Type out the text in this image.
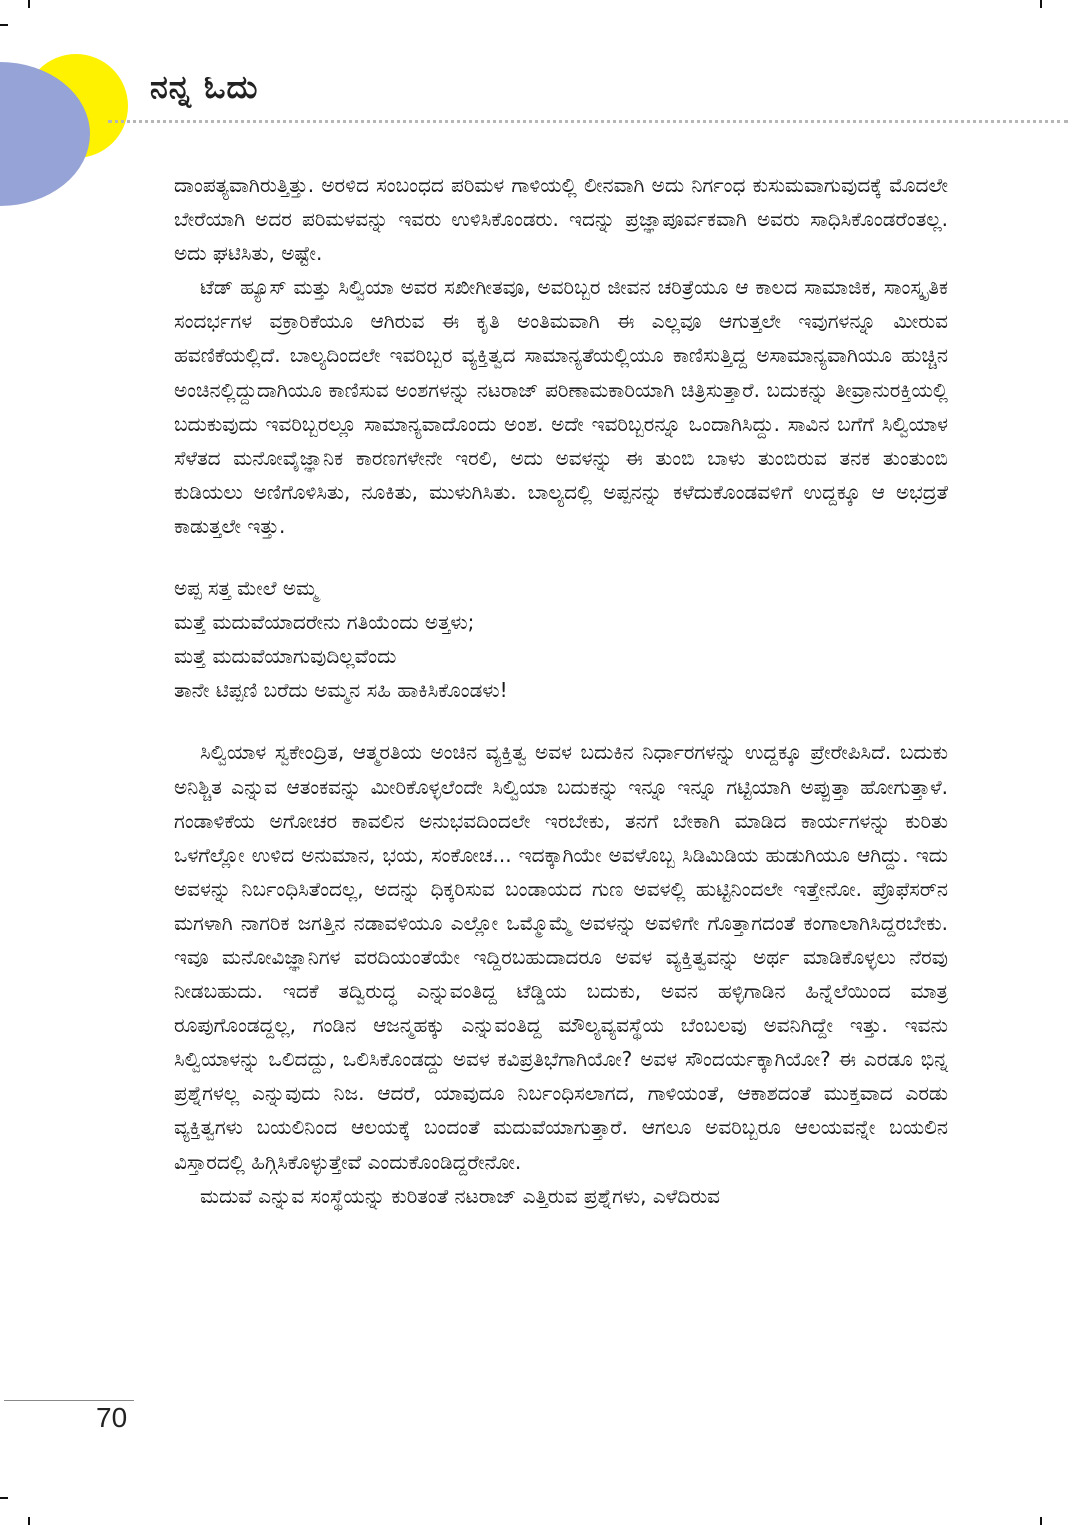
ನನ್ನ ಓದು

ದಾಂಪತ್ಯವಾಗಿರುತ್ತಿತ್ತು. ಅರಳಿದ ಸಂಬಂಧದ ಪರಿಮಳ ಗಾಳಿಯಲ್ಲಿ ಲೀನವಾಗಿ ಅದು ನಿರ್ಗಂಧ ಕುಸುಮವಾಗುವುದಕ್ಕೆ ಮೊದಲೇ ಬೇರೆಯಾಗಿ ಅದರ ಪರಿಮಳವನ್ನು ಇವರು ಉಳಿಸಿಕೊಂಡರು. ಇದನ್ನು ಪ್ರಜ್ಞಾಪೂರ್ವಕವಾಗಿ ಅವರು ಸಾಧಿಸಿಕೊಂಡರೆಂತಲ್ಲ. ಅದು ಘಟಿಸಿತು, ಅಷ್ಟೇ.

ಟೆಡ್ ಹ್ಯೂಸ್ ಮತ್ತು ಸಿಲ್ವಿಯಾ ಅವರ ಸಖೀಗೀತವೂ, ಅವರಿಬ್ಬರ ಜೀವನ ಚರಿತ್ರೆಯೂ ಆ ಕಾಲದ ಸಾಮಾಜಿಕ, ಸಾಂಸ್ಕೃತಿಕ ಸಂದರ್ಭಗಳ ವಕ್ರಾರಿಕೆಯೂ ಆಗಿರುವ ಈ ಕೃತಿ ಅಂತಿಮವಾಗಿ ಈ ಎಲ್ಲವೂ ಆಗುತ್ತಲೇ ಇವುಗಳನ್ನೂ ಮೀರುವ ಹವಣಿಕೆಯಲ್ಲಿದೆ. ಬಾಲ್ಯದಿಂದಲೇ ಇವರಿಬ್ಬರ ವ್ಯಕ್ತಿತ್ವದ ಸಾಮಾನ್ಯತೆಯಲ್ಲಿಯೂ ಕಾಣಿಸುತ್ತಿದ್ದ ಅಸಾಮಾನ್ಯವಾಗಿಯೂ ಹುಚ್ಚಿನ ಅಂಚಿನಲ್ಲಿದ್ದುದಾಗಿಯೂ ಕಾಣಿಸುವ ಅಂಶಗಳನ್ನು ನಟರಾಜ್ ಪರಿಣಾಮಕಾರಿಯಾಗಿ ಚಿತ್ರಿಸುತ್ತಾರೆ. ಬದುಕನ್ನು ತೀವ್ರಾನುರಕ್ತಿಯಲ್ಲಿ ಬದುಕುವುದು ಇವರಿಬ್ಬರಲ್ಲೂ ಸಾಮಾನ್ಯವಾದೊಂದು ಅಂಶ. ಅದೇ ಇವರಿಬ್ಬರನ್ನೂ ಒಂದಾಗಿಸಿದ್ದು. ಸಾವಿನ ಬಗೆಗೆ ಸಿಲ್ವಿಯಾಳ ಸೆಳೆತದ ಮನೋವೈಜ್ಞಾನಿಕ ಕಾರಣಗಳೇನೇ ಇರಲಿ, ಅದು ಅವಳನ್ನು ಈ ತುಂಬಿ ಬಾಳು ತುಂಬಿರುವ ತನಕ ತುಂತುಂಬಿ ಕುಡಿಯಲು ಅಣಿಗೊಳಿಸಿತು, ನೂಕಿತು, ಮುಳುಗಿಸಿತು. ಬಾಲ್ಯದಲ್ಲಿ ಅಪ್ಪನನ್ನು ಕಳೆದುಕೊಂಡವಳಿಗೆ ಉದ್ದಕ್ಕೂ ಆ ಅಭದ್ರತೆ ಕಾಡುತ್ತಲೇ ಇತ್ತು.

ಅಪ್ಪ ಸತ್ತ ಮೇಲೆ ಅಮ್ಮ
ಮತ್ತೆ ಮದುವೆಯಾದರೇನು ಗತಿಯೆಂದು ಅತ್ತಳು;
ಮತ್ತೆ ಮದುವೆಯಾಗುವುದಿಲ್ಲವೆಂದು
ತಾನೇ ಟಿಪ್ಪಣಿ ಬರೆದು ಅಮ್ಮನ ಸಹಿ ಹಾಕಿಸಿಕೊಂಡಳು!

ಸಿಲ್ವಿಯಾಳ ಸ್ವಕೇಂದ್ರಿತ, ಆತ್ಮರತಿಯ ಅಂಚಿನ ವ್ಯಕ್ತಿತ್ವ ಅವಳ ಬದುಕಿನ ನಿರ್ಧಾರಗಳನ್ನು ಉದ್ದಕ್ಕೂ ಪ್ರೇರೇಪಿಸಿದೆ. ಬದುಕು ಅನಿಶ್ಚಿತ ಎನ್ನುವ ಆತಂಕವನ್ನು ಮೀರಿಕೊಳ್ಳಲೆಂದೇ ಸಿಲ್ವಿಯಾ ಬದುಕನ್ನು ಇನ್ನೂ ಇನ್ನೂ ಗಟ್ಟಿಯಾಗಿ ಅಪ್ಪುತ್ತಾ ಹೋಗುತ್ತಾಳೆ. ಗಂಡಾಳಿಕೆಯ ಅಗೋಚರ ಕಾವಲಿನ ಅನುಭವದಿಂದಲೇ ಇರಬೇಕು, ತನಗೆ ಬೇಕಾಗಿ ಮಾಡಿದ ಕಾರ್ಯಗಳನ್ನು ಕುರಿತು ಒಳಗೆಲ್ಲೋ ಉಳಿದ ಅನುಮಾನ, ಭಯ, ಸಂಕೋಚ... ಇದಕ್ಕಾಗಿಯೇ ಅವಳೊಬ್ಬ ಸಿಡಿಮಿಡಿಯ ಹುಡುಗಿಯೂ ಆಗಿದ್ದು. ಇದು ಅವಳನ್ನು ನಿರ್ಬಂಧಿಸಿತೆಂದಲ್ಲ, ಅದನ್ನು ಧಿಕ್ಕರಿಸುವ ಬಂಡಾಯದ ಗುಣ ಅವಳಲ್ಲಿ ಹುಟ್ಟಿನಿಂದಲೇ ಇತ್ತೇನೋ. ಪ್ರೊಫೆಸರ್‌ನ ಮಗಳಾಗಿ ನಾಗರಿಕ ಜಗತ್ತಿನ ನಡಾವಳಿಯೂ ಎಲ್ಲೋ ಒಮ್ಮೊಮ್ಮೆ ಅವಳನ್ನು ಅವಳಿಗೇ ಗೊತ್ತಾಗದಂತೆ ಕಂಗಾಲಾಗಿಸಿದ್ದರಬೇಕು. ಇವೂ ಮನೋವಿಜ್ಞಾನಿಗಳ ವರದಿಯಂತೆಯೇ ಇದ್ದಿರಬಹುದಾದರೂ ಅವಳ ವ್ಯಕ್ತಿತ್ವವನ್ನು ಅರ್ಥ ಮಾಡಿಕೊಳ್ಳಲು ನೆರವು ನೀಡಬಹುದು. ಇದಕೆ ತದ್ವಿರುದ್ಧ ಎನ್ನುವಂತಿದ್ದ ಟೆಡ್ಡಿಯ ಬದುಕು, ಅವನ ಹಳ್ಳಿಗಾಡಿನ ಹಿನ್ನೆಲೆಯಿಂದ ಮಾತ್ರ ರೂಪುಗೊಂಡದ್ದಲ್ಲ, ಗಂಡಿನ ಆಜನ್ಮಹಕ್ಕು ಎನ್ನುವಂತಿದ್ದ ಮೌಲ್ಯವ್ಯವಸ್ಥೆಯ ಬೆಂಬಲವು ಅವನಿಗಿದ್ದೇ ಇತ್ತು. ಇವನು ಸಿಲ್ವಿಯಾಳನ್ನು ಒಲಿದದ್ದು, ಒಲಿಸಿಕೊಂಡದ್ದು ಅವಳ ಕವಿಪ್ರತಿಭೆಗಾಗಿಯೋ? ಅವಳ ಸೌಂದರ್ಯಕ್ಕಾಗಿಯೋ? ಈ ಎರಡೂ ಭಿನ್ನ ಪ್ರಶ್ನೆಗಳಲ್ಲ ಎನ್ನುವುದು ನಿಜ. ಆದರೆ, ಯಾವುದೂ ನಿರ್ಬಂಧಿಸಲಾಗದ, ಗಾಳಿಯಂತೆ, ಆಕಾಶದಂತೆ ಮುಕ್ತವಾದ ಎರಡು ವ್ಯಕ್ತಿತ್ವಗಳು ಬಯಲಿನಿಂದ ಆಲಯಕ್ಕೆ ಬಂದಂತೆ ಮದುವೆಯಾಗುತ್ತಾರೆ. ಆಗಲೂ ಅವರಿಬ್ಬರೂ ಆಲಯವನ್ನೇ ಬಯಲಿನ ವಿಸ್ತಾರದಲ್ಲಿ ಹಿಗ್ಗಿಸಿಕೊಳ್ಳುತ್ತೇವೆ ಎಂದುಕೊಂಡಿದ್ದರೇನೋ.

ಮದುವೆ ಎನ್ನುವ ಸಂಸ್ಥೆಯನ್ನು ಕುರಿತಂತೆ ನಟರಾಜ್ ಎತ್ತಿರುವ ಪ್ರಶ್ನೆಗಳು, ಎಳೆದಿರುವ

70
